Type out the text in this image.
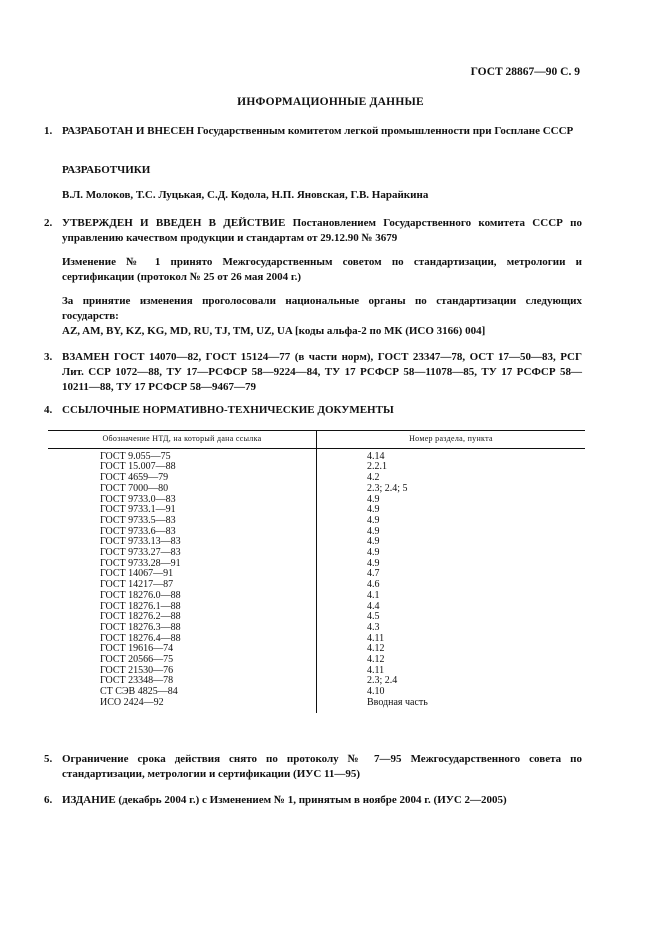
ГОСТ 28867—90 С. 9
ИНФОРМАЦИОННЫЕ ДАННЫЕ
1. РАЗРАБОТАН И ВНЕСЕН Государственным комитетом легкой промышленности при Госплане СССР
РАЗРАБОТЧИКИ
В.Л. Молоков, Т.С. Луцькая, С.Д. Кодола, Н.П. Яновская, Г.В. Нарайкина
2. УТВЕРЖДЕН И ВВЕДЕН В ДЕЙСТВИЕ Постановлением Государственного комитета СССР по управлению качеством продукции и стандартам от 29.12.90 № 3679
Изменение № 1 принято Межгосударственным советом по стандартизации, метрологии и сертификации (протокол № 25 от 26 мая 2004 г.)
За принятие изменения проголосовали национальные органы по стандартизации следующих государств:
AZ, AM, BY, KZ, KG, MD, RU, TJ, TM, UZ, UA [коды альфа-2 по МК (ИСО 3166) 004]
3. ВЗАМЕН ГОСТ 14070—82, ГОСТ 15124—77 (в части норм), ГОСТ 23347—78, ОСТ 17—50—83, РСГ Лит. ССР 1072—88, ТУ 17—РСФСР 58—9224—84, ТУ 17 РСФСР 58—11078—85, ТУ 17 РСФСР 58—10211—88, ТУ 17 РСФСР 58—9467—79
4. ССЫЛОЧНЫЕ НОРМАТИВНО-ТЕХНИЧЕСКИЕ ДОКУМЕНТЫ
Обозначение НТД, на который дана ссылка	Номер раздела, пункта
ГОСТ 9.055—75	4.14
ГОСТ 15.007—88	2.2.1
ГОСТ 4659—79	4.2
ГОСТ 7000—80	2.3; 2.4; 5
ГОСТ 9733.0—83	4.9
ГОСТ 9733.1—91	4.9
ГОСТ 9733.5—83	4.9
ГОСТ 9733.6—83	4.9
ГОСТ 9733.13—83	4.9
ГОСТ 9733.27—83	4.9
ГОСТ 9733.28—91	4.9
ГОСТ 14067—91	4.7
ГОСТ 14217—87	4.6
ГОСТ 18276.0—88	4.1
ГОСТ 18276.1—88	4.4
ГОСТ 18276.2—88	4.5
ГОСТ 18276.3—88	4.3
ГОСТ 18276.4—88	4.11
ГОСТ 19616—74	4.12
ГОСТ 20566—75	4.12
ГОСТ 21530—76	4.11
ГОСТ 23348—78	2.3; 2.4
СТ СЭВ 4825—84	4.10
ИСО 2424—92	Вводная часть
5. Ограничение срока действия снято по протоколу № 7—95 Межгосударственного совета по стандартизации, метрологии и сертификации (ИУС 11—95)
6. ИЗДАНИЕ (декабрь 2004 г.) с Изменением № 1, принятым в ноябре 2004 г. (ИУС 2—2005)
